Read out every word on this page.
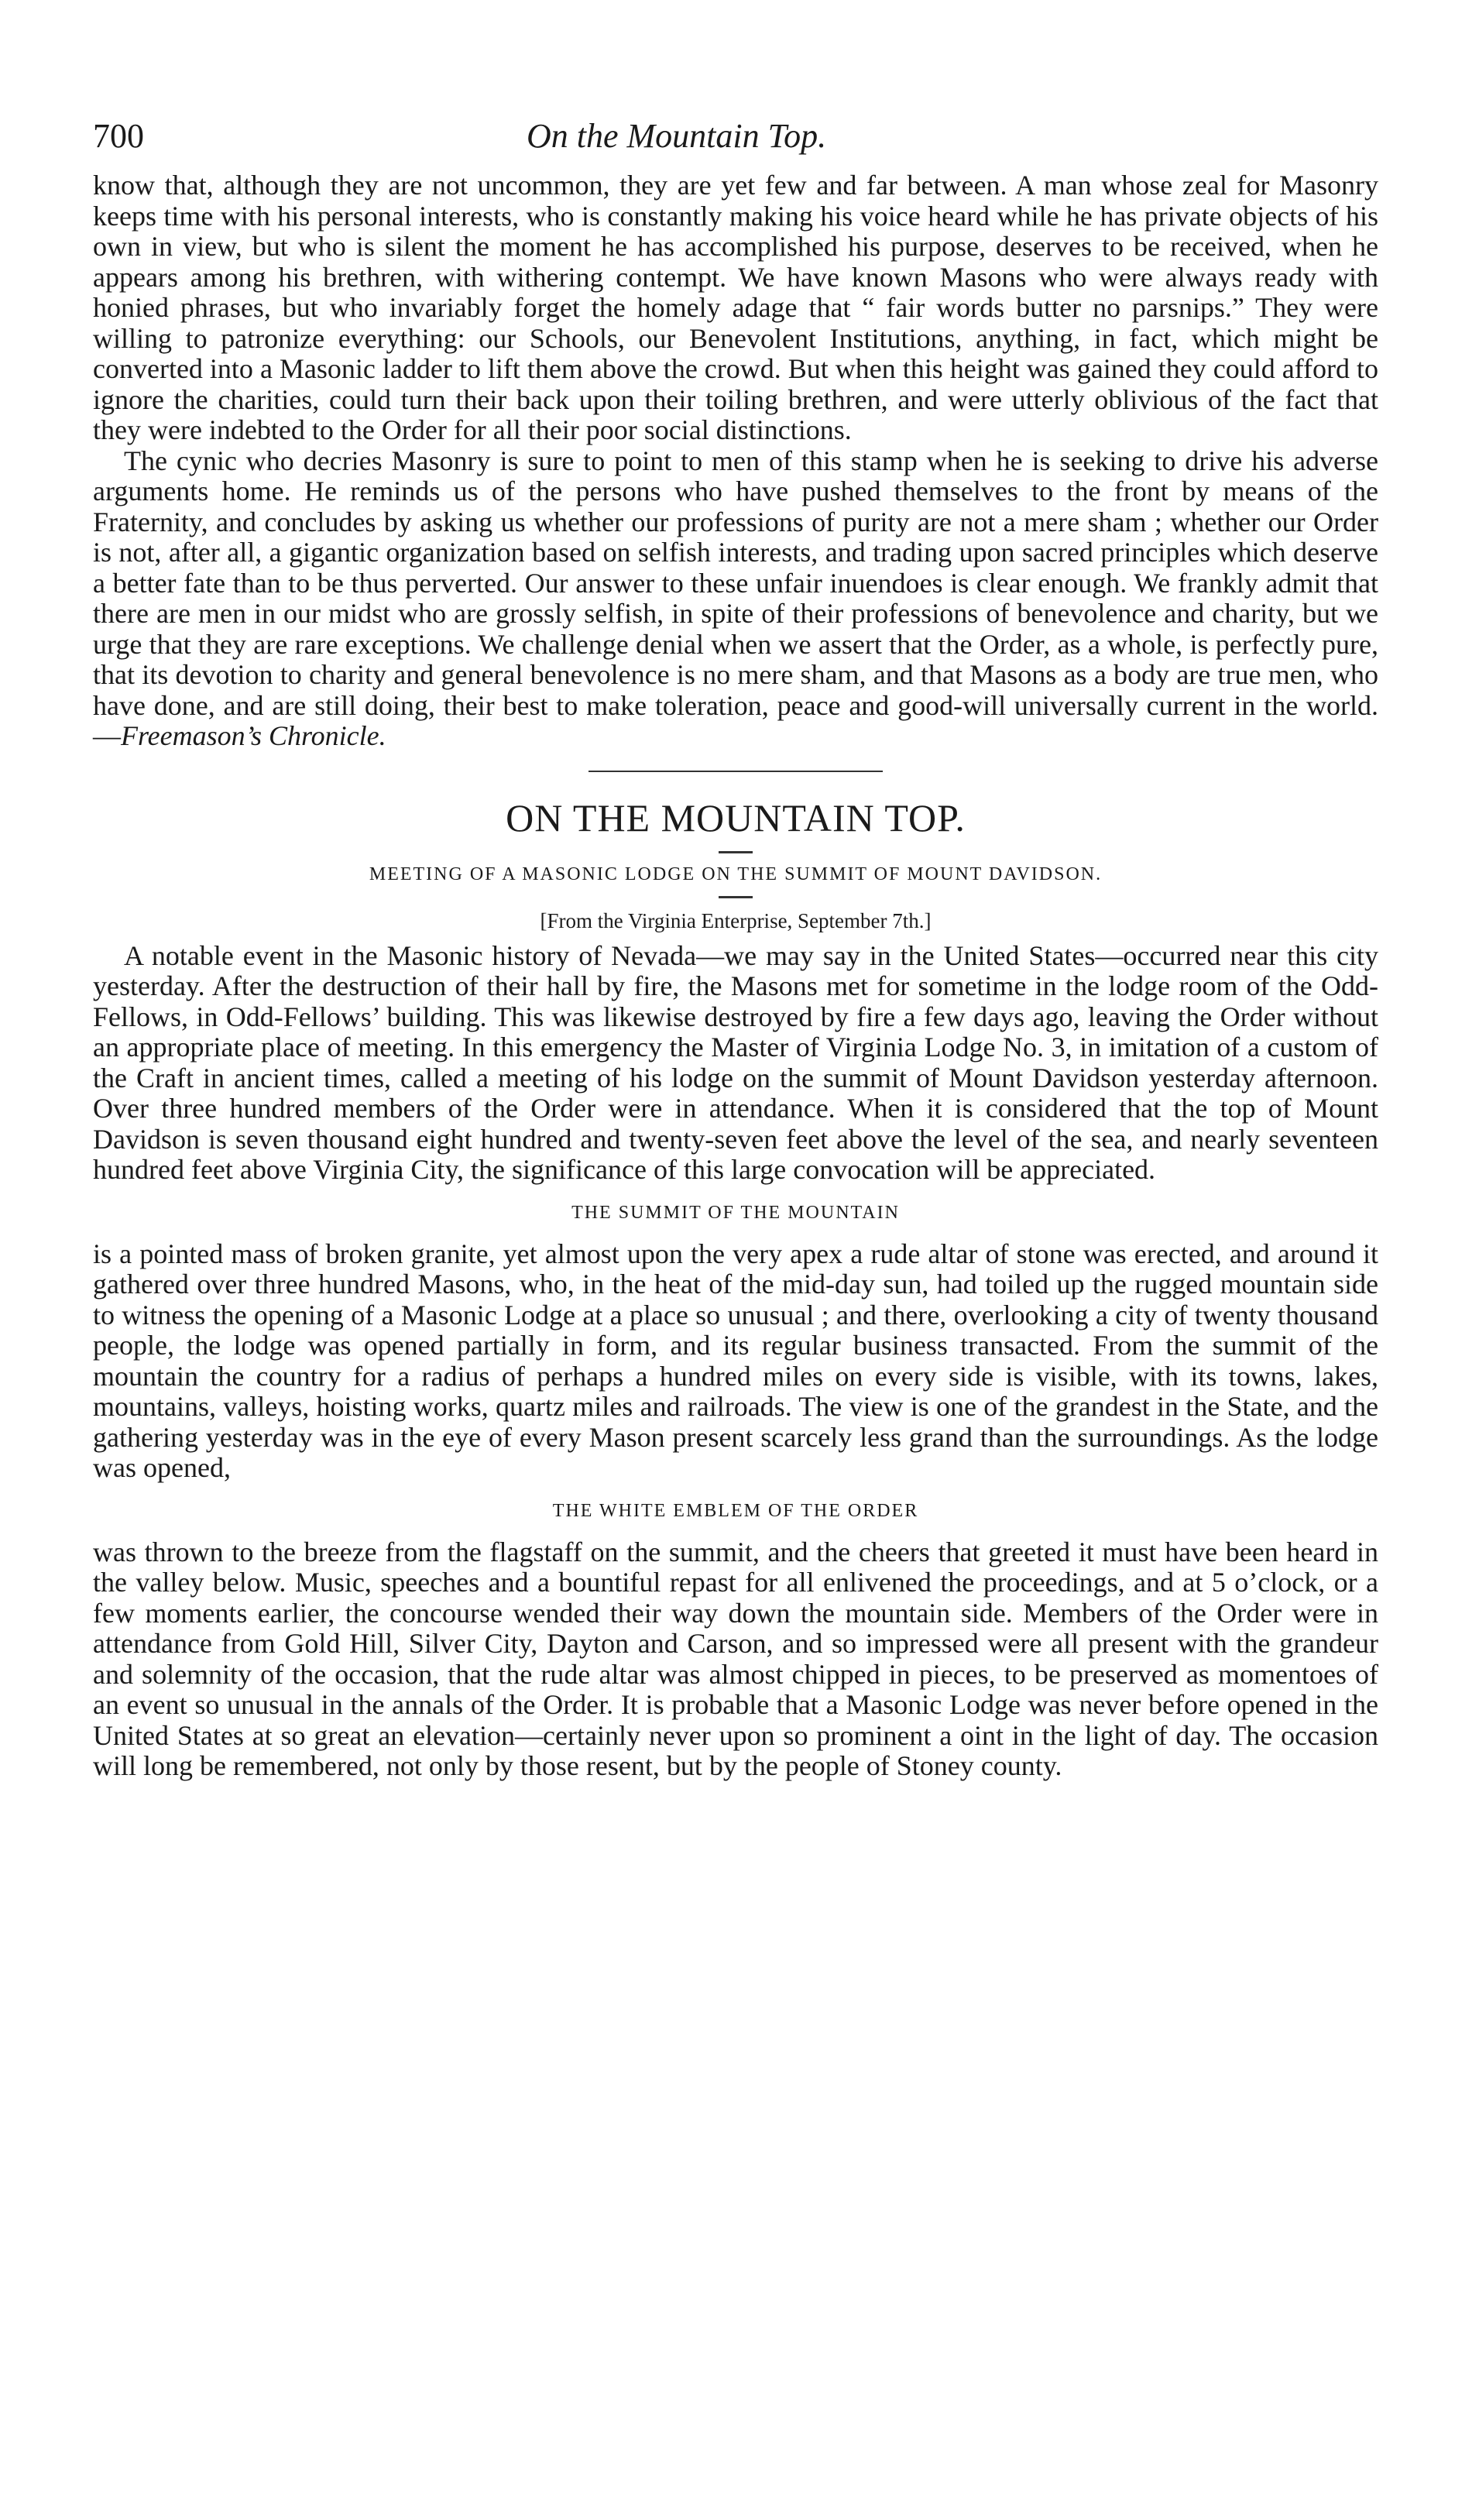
700	On the Mountain Top.

know that, although they are not uncommon, they are yet few and far between. A man whose zeal for Masonry keeps time with his personal interests, who is constantly making his voice heard while he has private objects of his own in view, but who is silent the moment he has accomplished his purpose, deserves to be received, when he appears among his brethren, with withering contempt. We have known Masons who were always ready with honied phrases, but who invariably forget the homely adage that “ fair words butter no parsnips.” They were willing to patronize everything: our Schools, our Benevolent Institutions, anything, in fact, which might be converted into a Masonic ladder to lift them above the crowd. But when this height was gained they could afford to ignore the charities, could turn their back upon their toiling brethren, and were utterly oblivious of the fact that they were indebted to the Order for all their poor social distinctions.

The cynic who decries Masonry is sure to point to men of this stamp when he is seeking to drive his adverse arguments home. He reminds us of the persons who have pushed themselves to the front by means of the Fraternity, and concludes by asking us whether our professions of purity are not a mere sham ; whether our Order is not, after all, a gigantic organization based on selfish interests, and trading upon sacred principles which deserve a better fate than to be thus perverted. Our answer to these unfair inuendoes is clear enough. We frankly admit that there are men in our midst who are grossly selfish, in spite of their professions of benevolence and charity, but we urge that they are rare exceptions. We challenge denial when we assert that the Order, as a whole, is perfectly pure, that its devotion to charity and general benevolence is no mere sham, and that Masons as a body are true men, who have done, and are still doing, their best to make toleration, peace and good-will universally current in the world.—Freemason’s Chronicle.

ON THE MOUNTAIN TOP.
MEETING OF A MASONIC LODGE ON THE SUMMIT OF MOUNT DAVIDSON.
[From the Virginia Enterprise, September 7th.]

A notable event in the Masonic history of Nevada—we may say in the United States—occurred near this city yesterday. After the destruction of their hall by fire, the Masons met for sometime in the lodge room of the Odd-Fellows, in Odd-Fellows’ building. This was likewise destroyed by fire a few days ago, leaving the Order without an appropriate place of meeting. In this emergency the Master of Virginia Lodge No. 3, in imitation of a custom of the Craft in ancient times, called a meeting of his lodge on the summit of Mount Davidson yesterday afternoon. Over three hundred members of the Order were in attendance. When it is considered that the top of Mount Davidson is seven thousand eight hundred and twenty-seven feet above the level of the sea, and nearly seventeen hundred feet above Virginia City, the significance of this large convocation will be appreciated.

THE SUMMIT OF THE MOUNTAIN

is a pointed mass of broken granite, yet almost upon the very apex a rude altar of stone was erected, and around it gathered over three hundred Masons, who, in the heat of the mid-day sun, had toiled up the rugged mountain side to witness the opening of a Masonic Lodge at a place so unusual ; and there, overlooking a city of twenty thousand people, the lodge was opened partially in form, and its regular business transacted. From the summit of the mountain the country for a radius of perhaps a hundred miles on every side is visible, with its towns, lakes, mountains, valleys, hoisting works, quartz miles and railroads. The view is one of the grandest in the State, and the gathering yesterday was in the eye of every Mason present scarcely less grand than the surroundings. As the lodge was opened,

THE WHITE EMBLEM OF THE ORDER

was thrown to the breeze from the flagstaff on the summit, and the cheers that greeted it must have been heard in the valley below. Music, speeches and a bountiful repast for all enlivened the proceedings, and at 5 o’clock, or a few moments earlier, the concourse wended their way down the mountain side. Members of the Order were in attendance from Gold Hill, Silver City, Dayton and Carson, and so impressed were all present with the grandeur and solemnity of the occasion, that the rude altar was almost chipped in pieces, to be preserved as momentoes of an event so unusual in the annals of the Order. It is probable that a Masonic Lodge was never before opened in the United States at so great an elevation—certainly never upon so prominent a oint in the light of day. The occasion will long be remembered, not only by those resent, but by the people of Stoney county.
